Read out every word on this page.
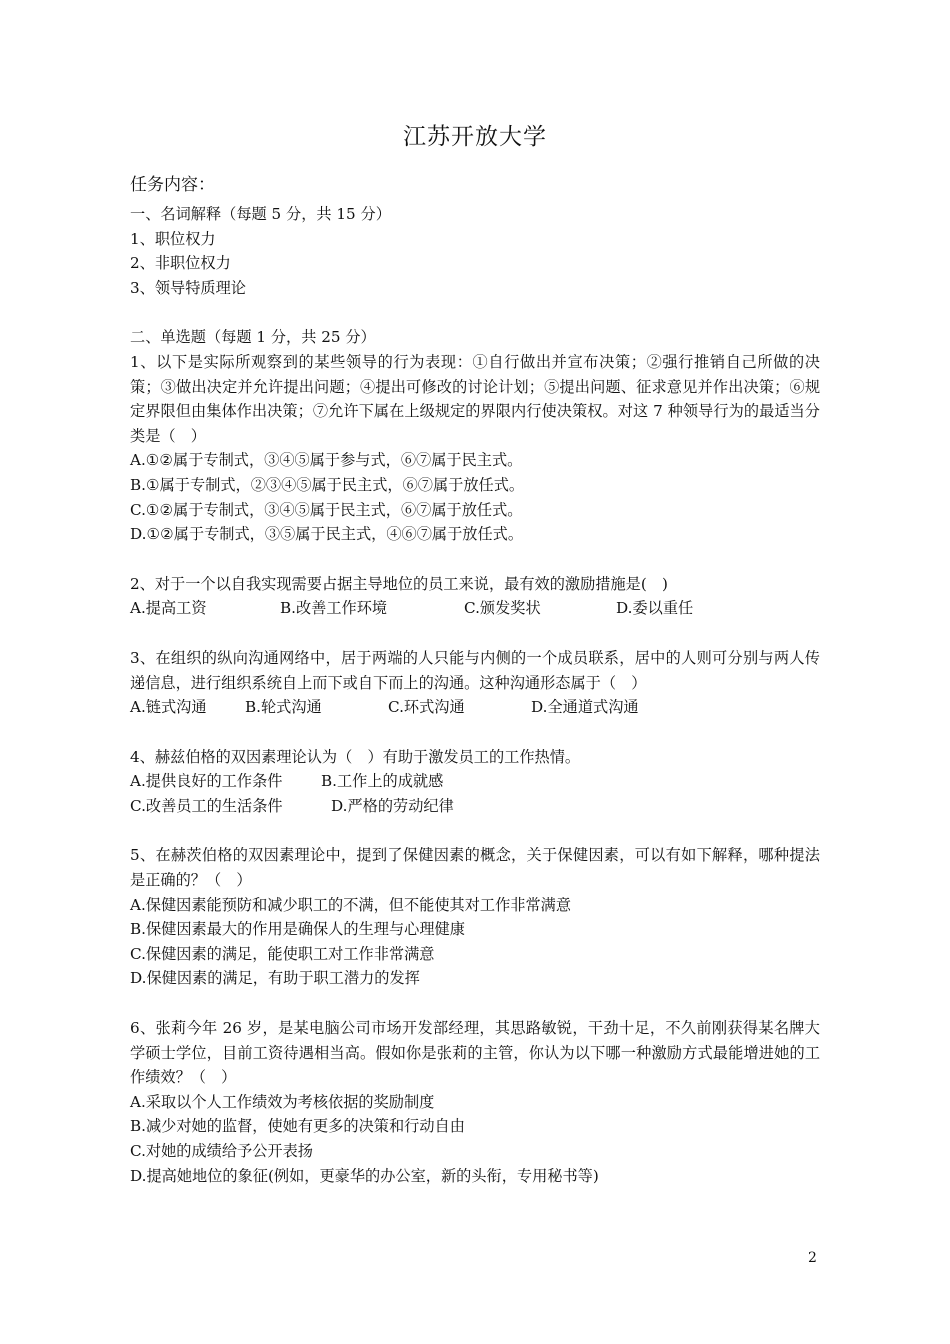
江苏开放大学
任务内容：
一、名词解释（每题 5 分，共 15 分）
1、职位权力
2、非职位权力
3、领导特质理论
二、单选题（每题 1 分，共 25 分）
1、以下是实际所观察到的某些领导的行为表现：①自行做出并宣布决策；②强行推销自己所做的决策；③做出决定并允许提出问题；④提出可修改的讨论计划；⑤提出问题、征求意见并作出决策；⑥规定界限但由集体作出决策；⑦允许下属在上级规定的界限内行使决策权。对这 7 种领导行为的最适当分类是（　）
A.①②属于专制式，③④⑤属于参与式，⑥⑦属于民主式。
B.①属于专制式，②③④⑤属于民主式，⑥⑦属于放任式。
C.①②属于专制式，③④⑤属于民主式，⑥⑦属于放任式。
D.①②属于专制式，③⑤属于民主式，④⑥⑦属于放任式。
2、对于一个以自我实现需要占据主导地位的员工来说，最有效的激励措施是(　)
A.提高工资	B.改善工作环境	C.颁发奖状	D.委以重任
3、在组织的纵向沟通网络中，居于两端的人只能与内侧的一个成员联系，居中的人则可分别与两人传递信息，进行组织系统自上而下或自下而上的沟通。这种沟通形态属于（　）
A.链式沟通	B.轮式沟通	C.环式沟通	D.全通道式沟通
4、赫兹伯格的双因素理论认为（　）有助于激发员工的工作热情。
A.提供良好的工作条件	B.工作上的成就感
C.改善员工的生活条件	D.严格的劳动纪律
5、在赫茨伯格的双因素理论中，提到了保健因素的概念，关于保健因素，可以有如下解释，哪种提法是正确的？（　）
A.保健因素能预防和减少职工的不满，但不能使其对工作非常满意
B.保健因素最大的作用是确保人的生理与心理健康
C.保健因素的满足，能使职工对工作非常满意
D.保健因素的满足，有助于职工潜力的发挥
6、张莉今年 26 岁，是某电脑公司市场开发部经理，其思路敏锐，干劲十足，不久前刚获得某名牌大学硕士学位，目前工资待遇相当高。假如你是张莉的主管，你认为以下哪一种激励方式最能增进她的工作绩效？（　）
A.采取以个人工作绩效为考核依据的奖励制度
B.减少对她的监督，使她有更多的决策和行动自由
C.对她的成绩给予公开表扬
D.提高她地位的象征(例如，更豪华的办公室，新的头衔，专用秘书等)
2
